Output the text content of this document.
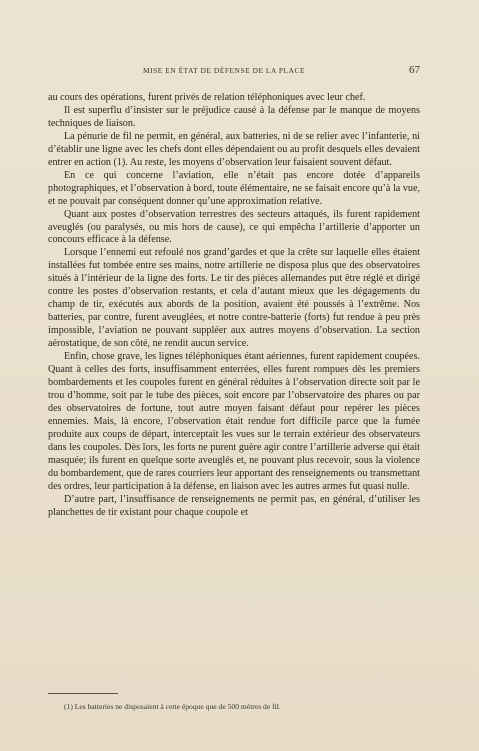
MISE EN ÉTAT DE DÉFENSE DE LA PLACE	67

au cours des opérations, furent privés de relation téléphoniques avec leur chef.

Il est superflu d’insister sur le préjudice causé à la défense par le manque de moyens techniques de liaison.

La pénurie de fil ne permit, en général, aux batteries, ni de se relier avec l’infanterie, ni d’établir une ligne avec les chefs dont elles dépendaient ou au profit desquels elles devaient entrer en action (1). Au reste, les moyens d’observation leur faisaient souvent défaut.

En ce qui concerne l’aviation, elle n’était pas encore dotée d’appareils photographiques, et l’observation à bord, toute élémentaire, ne se faisait encore qu’à la vue, et ne pouvait par conséquent donner qu’une approximation relative.

Quant aux postes d’observation terrestres des secteurs attaqués, ils furent rapidement aveuglés (ou paralysés, ou mis hors de cause), ce qui empêcha l’artillerie d’apporter un concours efficace à la défense.

Lorsque l’ennemi eut refoulé nos grand’gardes et que la crête sur laquelle elles étaient installées fut tombée entre ses mains, notre artillerie ne disposa plus que des observatoires situés à l’intérieur de la ligne des forts. Le tir des pièces allemandes put être réglé et dirigé contre les postes d’observation restants, et cela d’autant mieux que les dégagements du champ de tir, exécutés aux abords de la position, avaient été poussés à l’extrême. Nos batteries, par contre, furent aveuglées, et notre contre-batterie (forts) fut rendue à peu près impossible, l’aviation ne pouvant suppléer aux autres moyens d’observation. La section aérostatique, de son côté, ne rendit aucun service.

Enfin, chose grave, les lignes téléphoniques étant aériennes, furent rapidement coupées. Quant à celles des forts, insuffisamment enterrées, elles furent rompues dès les premiers bombardements et les coupoles furent en général réduites à l’observation directe soit par le trou d’homme, soit par le tube des pièces, soit encore par l’observatoire des phares ou par des observatoires de fortune, tout autre moyen faisant défaut pour repérer les pièces ennemies. Mais, là encore, l’observation était rendue fort difficile parce que la fumée produite aux coups de départ, interceptait les vues sur le terrain extérieur des observateurs dans les coupoles. Dès lors, les forts ne purent guère agir contre l’artillerie adverse qui était masquée; ils furent en quelque sorte aveuglés et, ne pouvant plus recevoir, sous la violence du bombardement, que de rares courriers leur apportant des renseignements ou transmettant des ordres, leur participation à la défense, en liaison avec les autres armes fut quasi nulle.

D’autre part, l’insuffisance de renseignements ne permit pas, en général, d’utiliser les planchettes de tir existant pour chaque coupole et

(1) Les batteries ne disposaient à cette époque que de 500 mètres de fil.
